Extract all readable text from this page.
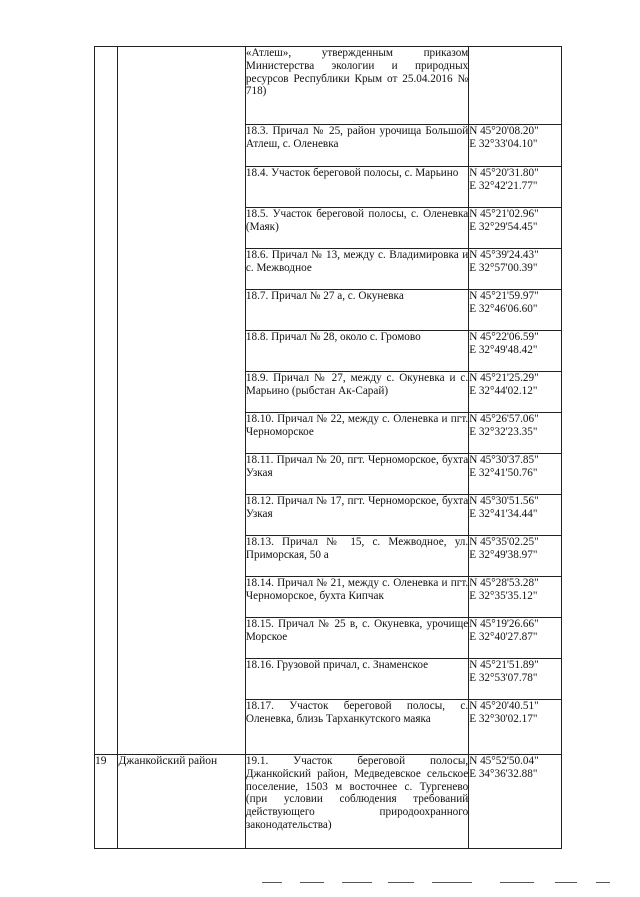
		«Атлеш», утвержденным приказом Министерства экологии и природных ресурсов Республики Крым от 25.04.2016 № 718)	

		18.3. Причал № 25, район урочища Большой Атлеш, с. Оленевка	N 45°20'08.20"
E 32°33'04.10"

		18.4. Участок береговой полосы, с. Марьино	N 45°20'31.80"
E 32°42'21.77"

		18.5. Участок береговой полосы, с. Оленевка (Маяк)	N 45°21'02.96"
E 32°29'54.45"

		18.6. Причал № 13, между с. Владимировка и с. Межводное	N 45°39'24.43"
E 32°57'00.39"

		18.7. Причал № 27 а, с. Окуневка	N 45°21'59.97"
E 32°46'06.60"

		18.8. Причал № 28, около с. Громово	N 45°22'06.59"
E 32°49'48.42"

		18.9. Причал № 27, между с. Окуневка и с. Марьино (рыбстан Ак-Сарай)	N 45°21'25.29"
E 32°44'02.12"

		18.10. Причал № 22, между с. Оленевка и пгт. Черноморское	N 45°26'57.06"
E 32°32'23.35"

		18.11. Причал № 20, пгт. Черноморское, бухта Узкая	N 45°30'37.85"
E 32°41'50.76"

		18.12. Причал № 17, пгт. Черноморское, бухта Узкая	N 45°30'51.56"
E 32°41'34.44"

		18.13. Причал № 15, с. Межводное, ул. Приморская, 50 а	N 45°35'02.25"
E 32°49'38.97"

		18.14. Причал № 21, между с. Оленевка и пгт. Черноморское, бухта Кипчак	N 45°28'53.28"
E 32°35'35.12"

		18.15. Причал № 25 в, с. Окуневка, урочище Морское	N 45°19'26.66"
E 32°40'27.87"

		18.16. Грузовой причал, с. Знаменское	N 45°21'51.89"
E 32°53'07.78"

		18.17. Участок береговой полосы, с. Оленевка, близь Тарханкутского маяка	N 45°20'40.51"
E 32°30'02.17"

19	Джанкойский район	19.1. Участок береговой полосы, Джанкойский район, Медведевское сельское поселение, 1503 м восточнее с. Тургенево (при условии соблюдения требований действующего природоохранного законодательства)	N 45°52'50.04"
E 34°36'32.88"
